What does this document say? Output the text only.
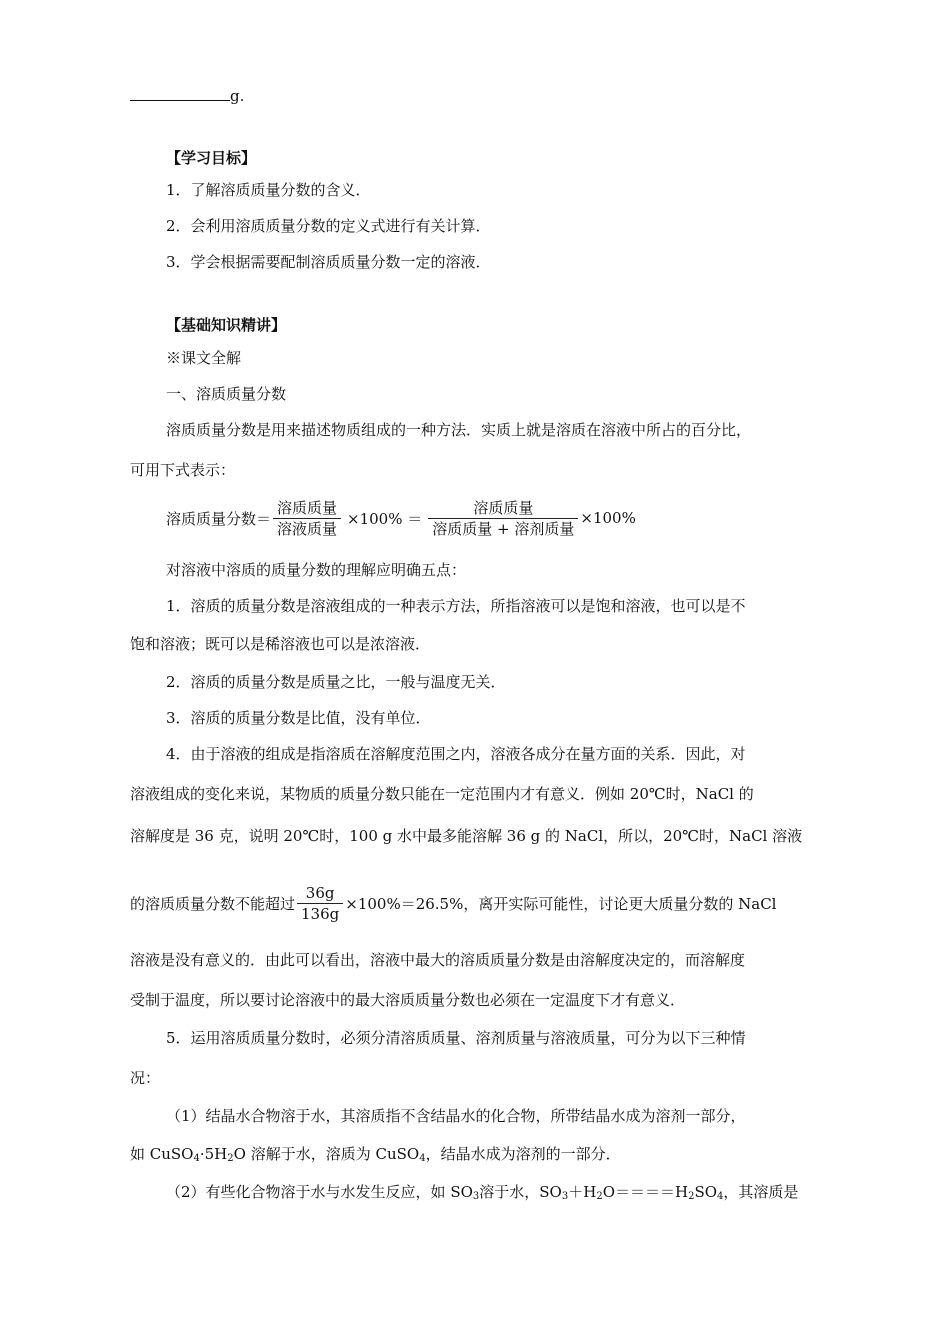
g.
【学习目标】
1．了解溶质质量分数的含义．
2．会利用溶质质量分数的定义式进行有关计算．
3．学会根据需要配制溶质质量分数一定的溶液．
【基础知识精讲】
※课文全解
一、溶质质量分数
溶质质量分数是用来描述物质组成的一种方法．实质上就是溶质在溶液中所占的百分比，
可用下式表示：
溶质质量分数＝ $\frac{\text{溶质质量}}{\text{溶液质量}} \times 100\% = \frac{\text{溶质质量}}{\text{溶质质量 + 溶剂质量}} \times 100\%$
对溶液中溶质的质量分数的理解应明确五点：
1．溶质的质量分数是溶液组成的一种表示方法，所指溶液可以是饱和溶液，也可以是不
饱和溶液；既可以是稀溶液也可以是浓溶液．
2．溶质的质量分数是质量之比，一般与温度无关．
3．溶质的质量分数是比值，没有单位．
4．由于溶液的组成是指溶质在溶解度范围之内，溶液各成分在量方面的关系．因此，对
溶液组成的变化来说，某物质的质量分数只能在一定范围内才有意义．例如 20℃时，NaCl 的
溶解度是 36 克，说明 20℃时，100 g 水中最多能溶解 36 g 的 NaCl，所以，20℃时，NaCl 溶液
的溶质质量分数不能超过 $\frac{36g}{136g} \times 100\%=26.5\%$，离开实际可能性，讨论更大质量分数的 NaCl
溶液是没有意义的．由此可以看出，溶液中最大的溶质质量分数是由溶解度决定的，而溶解度
受制于温度，所以要讨论溶液中的最大溶质质量分数也必须在一定温度下才有意义．
5．运用溶质质量分数时，必须分清溶质质量、溶剂质量与溶液质量，可分为以下三种情
况：
（1）结晶水合物溶于水，其溶质指不含结晶水的化合物，所带结晶水成为溶剂一部分，
如 $CuSO_4\cdot 5H_2O$ 溶解于水，溶质为 CuSO$_4$，结晶水成为溶剂的一部分．
（2）有些化合物溶于水与水发生反应，如 $SO_3$溶于水，$SO_3+H_2O====H_2SO_4$，其溶质是
